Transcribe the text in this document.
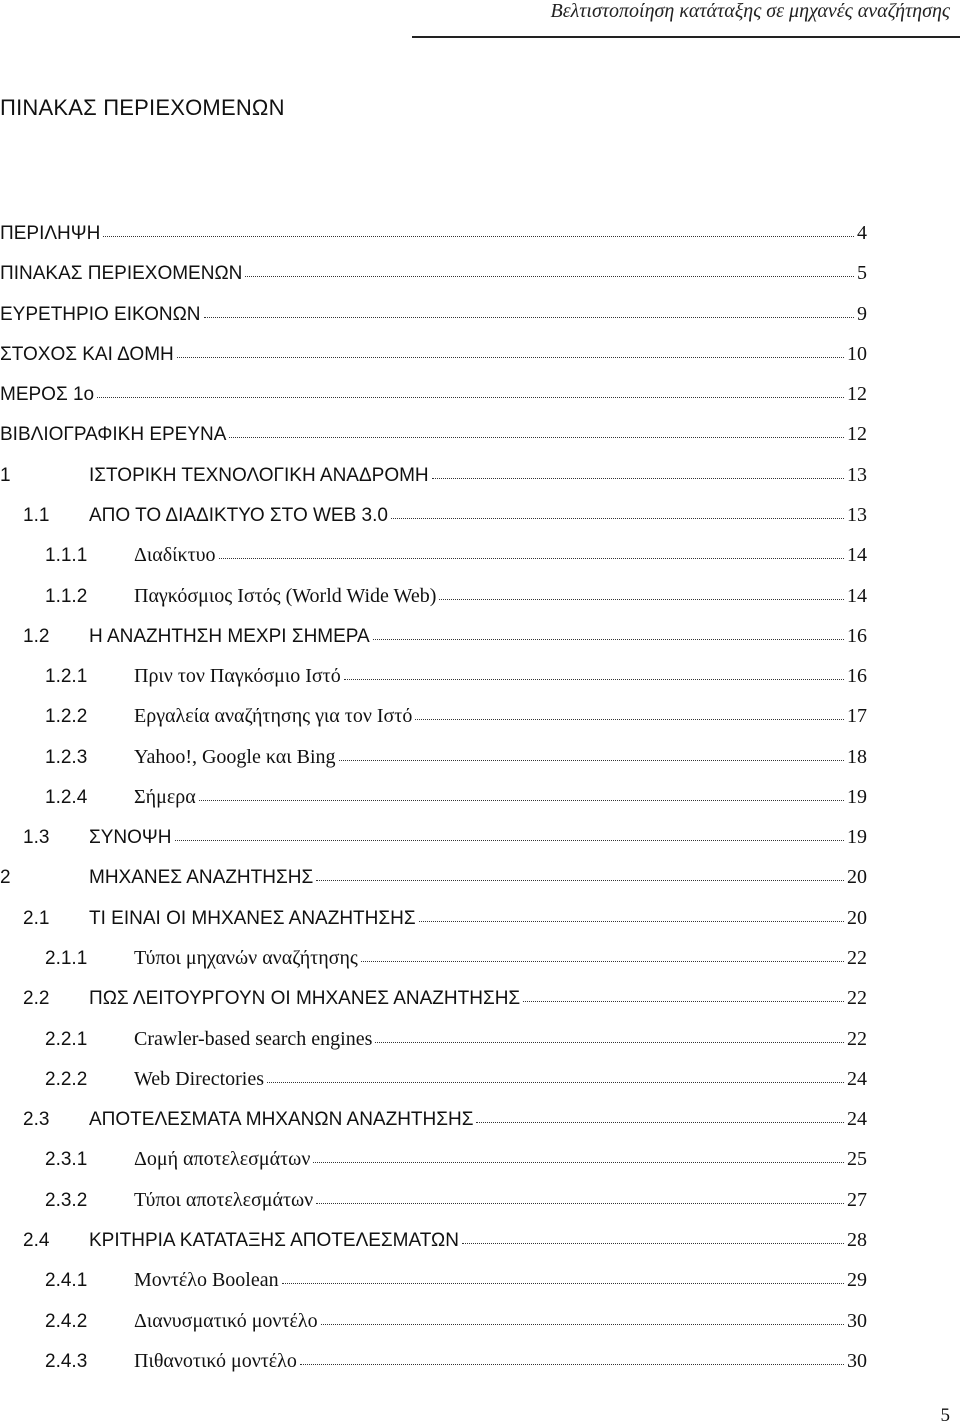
Βελτιστοποίηση κατάταξης σε μηχανές αναζήτησης
ΠΙΝΑΚΑΣ ΠΕΡΙΕΧΟΜΕΝΩΝ
ΠΕΡΙΛΗΨΗ	4
ΠΙΝΑΚΑΣ ΠΕΡΙΕΧΟΜΕΝΩΝ	5
ΕΥΡΕΤΗΡΙΟ ΕΙΚΟΝΩΝ	9
ΣΤΟΧΟΣ ΚΑΙ ΔΟΜΗ	10
ΜΕΡΟΣ 1ο	12
ΒΙΒΛΙΟΓΡΑΦΙΚΗ ΕΡΕΥΝΑ	12
1	ΙΣΤΟΡΙΚΗ ΤΕΧΝΟΛΟΓΙΚΗ ΑΝΑΔΡΟΜΗ	13
1.1	ΑΠΟ ΤΟ ΔΙΑΔΙΚΤΥΟ ΣΤΟ WEB 3.0	13
1.1.1	Διαδίκτυο	14
1.1.2	Παγκόσμιος Ιστός (World Wide Web)	14
1.2	Η ΑΝΑΖΗΤΗΣΗ ΜΕΧΡΙ ΣΗΜΕΡΑ	16
1.2.1	Πριν τον Παγκόσμιο Ιστό	16
1.2.2	Εργαλεία αναζήτησης για τον Ιστό	17
1.2.3	Yahoo!, Google και Bing	18
1.2.4	Σήμερα	19
1.3	ΣΥΝΟΨΗ	19
2	ΜΗΧΑΝΕΣ ΑΝΑΖΗΤΗΣΗΣ	20
2.1	ΤΙ ΕΙΝΑΙ ΟΙ ΜΗΧΑΝΕΣ ΑΝΑΖΗΤΗΣΗΣ	20
2.1.1	Τύποι μηχανών αναζήτησης	22
2.2	ΠΩΣ ΛΕΙΤΟΥΡΓΟΥΝ ΟΙ ΜΗΧΑΝΕΣ ΑΝΑΖΗΤΗΣΗΣ	22
2.2.1	Crawler-based search engines	22
2.2.2	Web Directories	24
2.3	ΑΠΟΤΕΛΕΣΜΑΤΑ ΜΗΧΑΝΩΝ ΑΝΑΖΗΤΗΣΗΣ	24
2.3.1	Δομή αποτελεσμάτων	25
2.3.2	Τύποι αποτελεσμάτων	27
2.4	ΚΡΙΤΗΡΙΑ ΚΑΤΑΤΑΞΗΣ ΑΠΟΤΕΛΕΣΜΑΤΩΝ	28
2.4.1	Μοντέλο Boolean	29
2.4.2	Διανυσματικό μοντέλο	30
2.4.3	Πιθανοτικό μοντέλο	30
5
